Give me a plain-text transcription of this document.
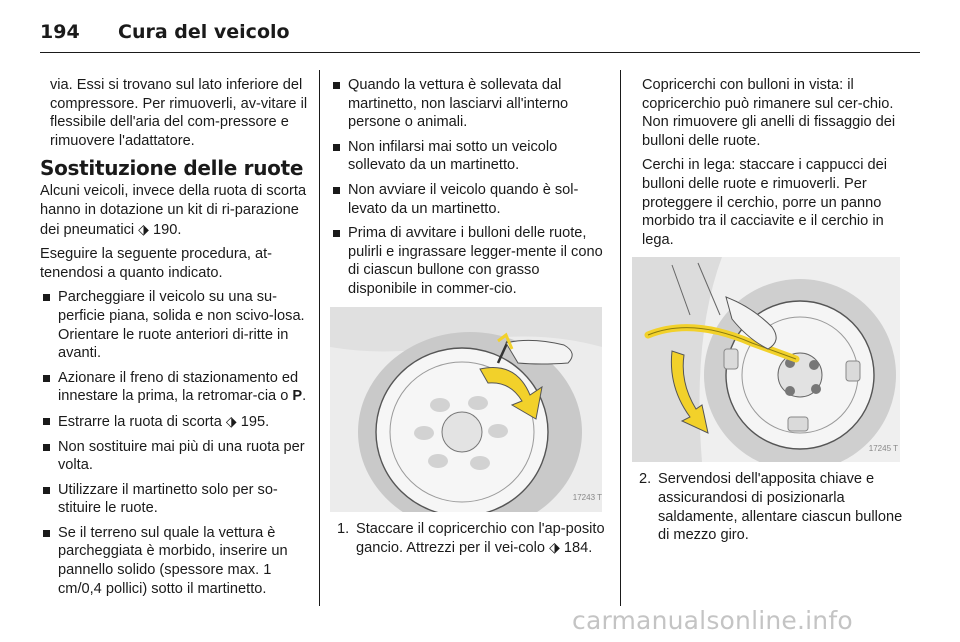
194 Cura del veicolo

via. Essi si trovano sul lato inferiore del compressore. Per rimuoverli, av-vitare il flessibile dell'aria del com-pressore e rimuovere l'adattatore.

Sostituzione delle ruote

Alcuni veicoli, invece della ruota di scorta hanno in dotazione un kit di ri-parazione dei pneumatici ⬗ 190.

Eseguire la seguente procedura, at-tenendosi a quanto indicato.

Parcheggiare il veicolo su una su-perficie piana, solida e non scivo-losa. Orientare le ruote anteriori di-ritte in avanti.
Azionare il freno di stazionamento ed innestare la prima, la retromar-cia o P.
Estrarre la ruota di scorta ⬗ 195.
Non sostituire mai più di una ruota per volta.
Utilizzare il martinetto solo per so-stituire le ruote.
Se il terreno sul quale la vettura è parcheggiata è morbido, inserire un pannello solido (spessore max. 1 cm/0,4 pollici) sotto il martinetto.
Quando la vettura è sollevata dal martinetto, non lasciarvi all'interno persone o animali.
Non infilarsi mai sotto un veicolo sollevato da un martinetto.
Non avviare il veicolo quando è sol-levato da un martinetto.
Prima di avvitare i bulloni delle ruote, pulirli e ingrassare legger-mente il cono di ciascun bullone con grasso disponibile in commer-cio.
17243 T

1. Staccare il copricerchio con l'ap-posito gancio. Attrezzi per il vei-colo ⬗ 184.

Copricerchi con bulloni in vista: il copricerchio può rimanere sul cer-chio. Non rimuovere gli anelli di fissaggio dei bulloni delle ruote.

Cerchi in lega: staccare i cappucci dei bulloni delle ruote e rimuoverli. Per proteggere il cerchio, porre un panno morbido tra il cacciavite e il cerchio in lega.

17245 T

2. Servendosi dell'apposita chiave e assicurandosi di posizionarla saldamente, allentare ciascun bullone di mezzo giro.

carmanualsonline.info
